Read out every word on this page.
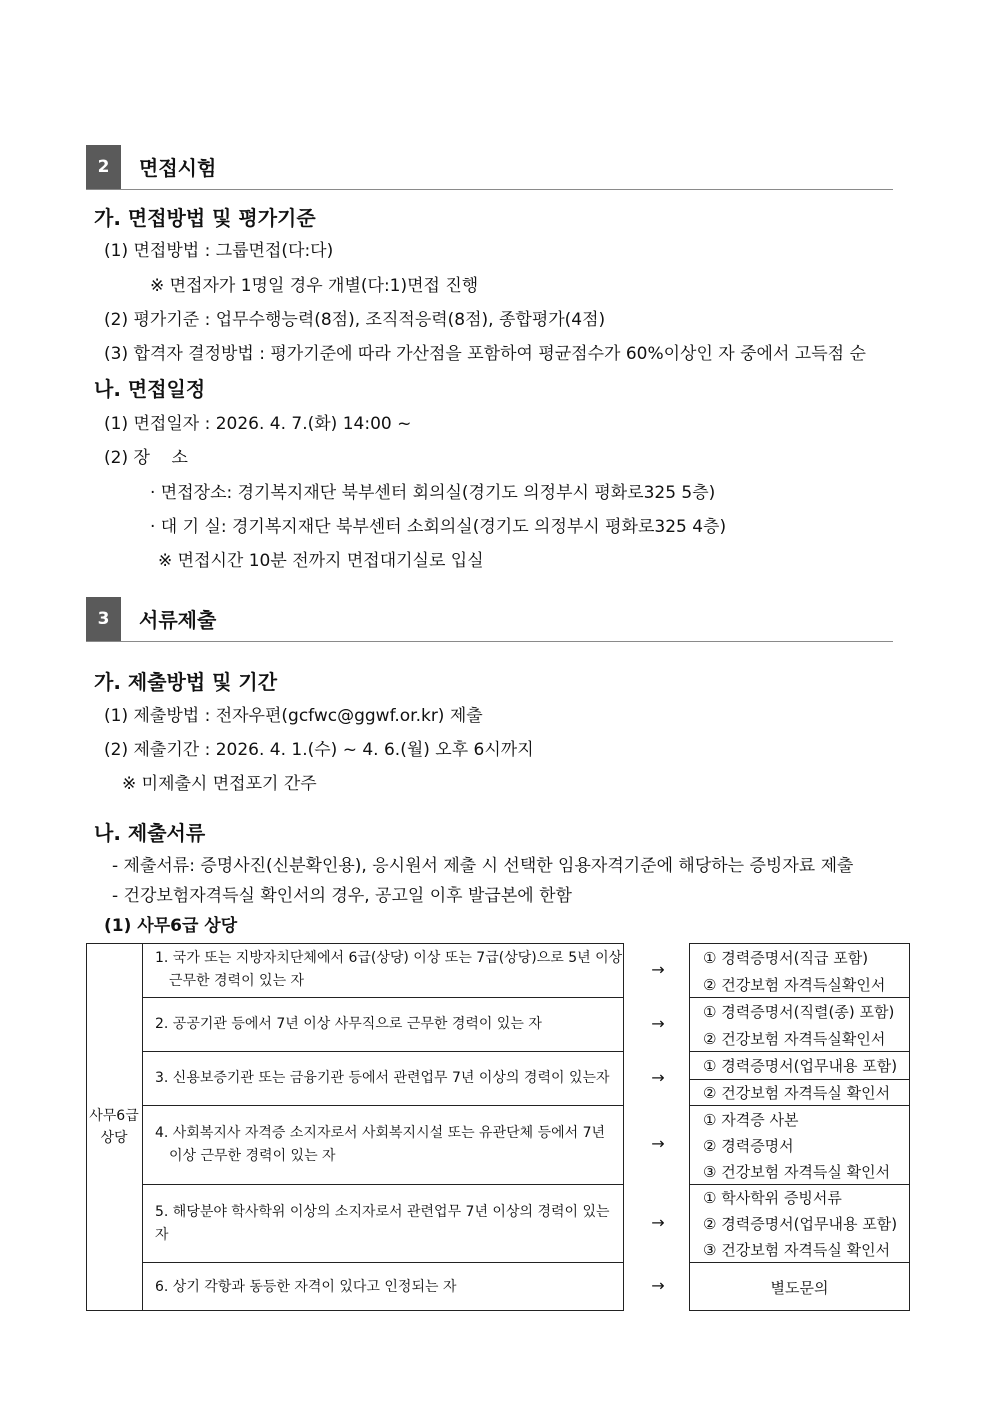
2	면접시험
가. 면접방법 및 평가기준
(1) 면접방법 : 그룹면접(다:다)
※ 면접자가 1명일 경우 개별(다:1)면접 진행
(2) 평가기준 : 업무수행능력(8점), 조직적응력(8점), 종합평가(4점)
(3) 합격자 결정방법 : 평가기준에 따라 가산점을 포함하여 평균점수가 60%이상인 자 중에서 고득점 순
나. 면접일정
(1) 면접일자 : 2026. 4. 7.(화) 14:00 ~
(2) 장    소
· 면접장소: 경기복지재단 북부센터 회의실(경기도 의정부시 평화로325 5층)
· 대 기 실: 경기복지재단 북부센터 소회의실(경기도 의정부시 평화로325 4층)
※ 면접시간 10분 전까지 면접대기실로 입실
3	서류제출
가. 제출방법 및 기간
(1) 제출방법 : 전자우편(gcfwc@ggwf.or.kr) 제출
(2) 제출기간 : 2026. 4. 1.(수) ~ 4. 6.(월) 오후 6시까지
※ 미제출시 면접포기 간주
나. 제출서류
- 제출서류: 증명사진(신분확인용), 응시원서 제출 시 선택한 임용자격기준에 해당하는 증빙자료 제출
- 건강보험자격득실 확인서의 경우, 공고일 이후 발급본에 한함
(1) 사무6급 상당
사무6급
상당
1. 국가 또는 지방자치단체에서 6급(상당) 이상 또는 7급(상당)으로 5년 이상
근무한 경력이 있는 자
2. 공공기관 등에서 7년 이상 사무직으로 근무한 경력이 있는 자
3. 신용보증기관 또는 금융기관 등에서 관련업무 7년 이상의 경력이 있는자
4. 사회복지사 자격증 소지자로서 사회복지시설 또는 유관단체 등에서 7년
이상 근무한 경력이 있는 자
5. 해당분야 학사학위 이상의 소지자로서 관련업무 7년 이상의 경력이 있는 자
6. 상기 각항과 동등한 자격이 있다고 인정되는 자
→
→
→
→
→
→
① 경력증명서(직급 포함)
② 건강보험 자격득실확인서
① 경력증명서(직렬(종) 포함)
② 건강보험 자격득실확인서
① 경력증명서(업무내용 포함)
② 건강보험 자격득실 확인서
① 자격증 사본
② 경력증명서
③ 건강보험 자격득실 확인서
① 학사학위 증빙서류
② 경력증명서(업무내용 포함)
③ 건강보험 자격득실 확인서
별도문의
